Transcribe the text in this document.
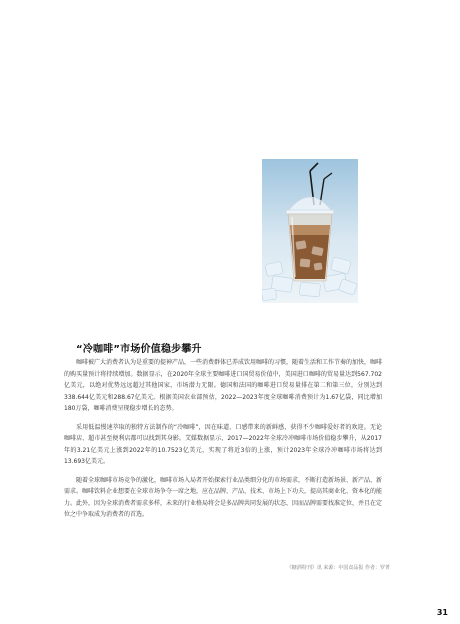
“冷咖啡”市场价值稳步攀升

咖啡被广大消费者认为是重要的提神产品，一些消费群体已养成饮用咖啡的习惯，随着生活和工作节奏的加快，咖啡的购买量预计将持续增加。数据显示，在2020年全球主要咖啡进口国贸易价值中，美国进口咖啡的贸易量达到567.702亿美元，以绝对优势远远超过其他国家，市场潜力无限。德国和法国的咖啡进口贸易量排在第二和第三位，分别达到338.644亿美元和288.67亿美元。根据美国农业部预估，2022—2023年度全球咖啡消费预计为1.67亿袋，同比增加180万袋，咖啡消费呈现稳步增长的态势。

采用低温慢速萃取的独特方法制作的“冷咖啡”，因在味道、口感带来的新鲜感，获得不少咖啡爱好者的欢迎。无论咖啡店、超市甚至便利店都可以找到其身影。艾媒数据显示，2017—2022年全球冷冲咖啡市场价值稳步攀升，从2017年的3.21亿美元上涨到2022年的10.7523亿美元，实现了将近3倍的上涨，预计2023年全球冷冲咖啡市场将达到13.693亿美元。

随着全球咖啡市场竞争的激化，咖啡市场入局者开始探索行业品类细分化的市场需求，不断打造新场景、新产品、新需求。咖啡饮料企业想要在全球市场争夺一席之地，应在品牌、产品、技术、市场上下功夫，提高其商业化、资本化的能力。此外，因为全球消费者需求多样，未来的行业格局将会是多品牌共同发展的状态，因而品牌需要找准定位，并且在定位之中争取成为消费者的首选。

《糖酒特刊》讯 来源：中国食品报 作者：罗菁
31
